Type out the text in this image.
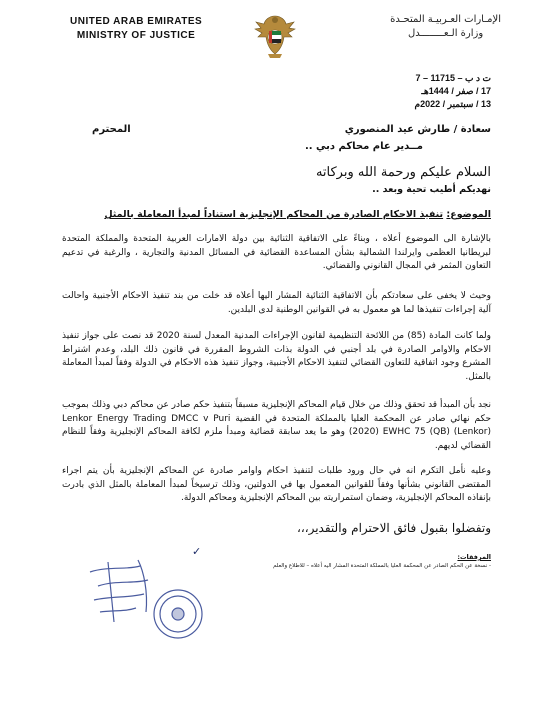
UNITED ARAB EMIRATES
MINISTRY OF JUSTICE
الإمـارات العـربيـة المتحـدة
وزارة الـعــــــــدل
ت د ب – 11715 – 7
17 / صفر / 1444هـ
13 / سبتمبر / 2022م
سعادة / طارش عيد المنصوري
المحترم
مــدير عام محاكم دبي ..
السلام عليكم ورحمة الله وبركاته
نهديكم أطيب تحية وبعد ..
الموضوع: تنفيذ الاحكام الصادرة من المحاكم الإنجليزية استناداً لمبدأ المعاملة بالمثل
بالإشارة الى الموضوع أعلاه ، وبناءً على الاتفاقية الثنائية بين دولة الامارات العربية المتحدة والمملكة المتحدة لبريطانيا العظمى وايرلندا الشمالية بشأن المساعدة القضائية في المسائل المدنية والتجارية ، والرغبة في تدعيم التعاون المثمر في المجال القانوني والقضائي.
وحيث لا يخفى على سعادتكم بأن الاتفاقية الثنائية المشار اليها أعلاه قد خلت من بند تنفيذ الاحكام الأجنبية واحالت آلية إجراءات تنفيذها لما هو معمول به في القوانين الوطنية لدى البلدين.
ولما كانت المادة (85) من اللائحة التنظيمية لقانون الإجراءات المدنية المعدل لسنة 2020 قد نصت على جواز تنفيذ الاحكام والاوامر الصادرة في بلد أجنبي في الدولة بذات الشروط المقررة في قانون ذلك البلد، وعدم اشتراط المشرع وجود اتفاقية للتعاون القضائي لتنفيذ الاحكام الأجنبية، وجواز تنفيذ هذه الاحكام في الدولة وفقاً لمبدأ المعاملة بالمثل.
نجد بأن المبدأ قد تحقق وذلك من خلال قيام المحاكم الإنجليزية مسبقاً بتنفيذ حكم صادر عن محاكم دبي وذلك بموجب حكم نهائي صادر عن المحكمة العليا بالمملكة المتحدة في القضية Lenkor Energy Trading DMCC v Puri (2020) EWHC 75 (QB) (Lenkor) وهو ما يعد سابقة قضائية ومبدأ ملزم لكافة المحاكم الإنجليزية وفقاً للنظام القضائي لديهم.
وعليه نأمل التكرم انه في حال ورود طلبات لتنفيذ احكام واوامر صادرة عن المحاكم الإنجليزية بأن يتم اجراء المقتضى القانوني بشأنها وفقاً للقوانين المعمول بها في الدولتين، وذلك ترسيخاً لمبدأ المعاملة بالمثل الذي بادرت بإنفاذه المحاكم الإنجليزية، وضمان استمراريته بين المحاكم الإنجليزية ومحاكم الدولة.
وتفضلوا بقبول فائق الاحترام والتقدير،،،
المرفقات:
- نسخة عن الحكم الصادر عن المحكمة العليا بالمملكة المتحدة المشار اليه أعلاه – للاطلاع والعلم
✓
